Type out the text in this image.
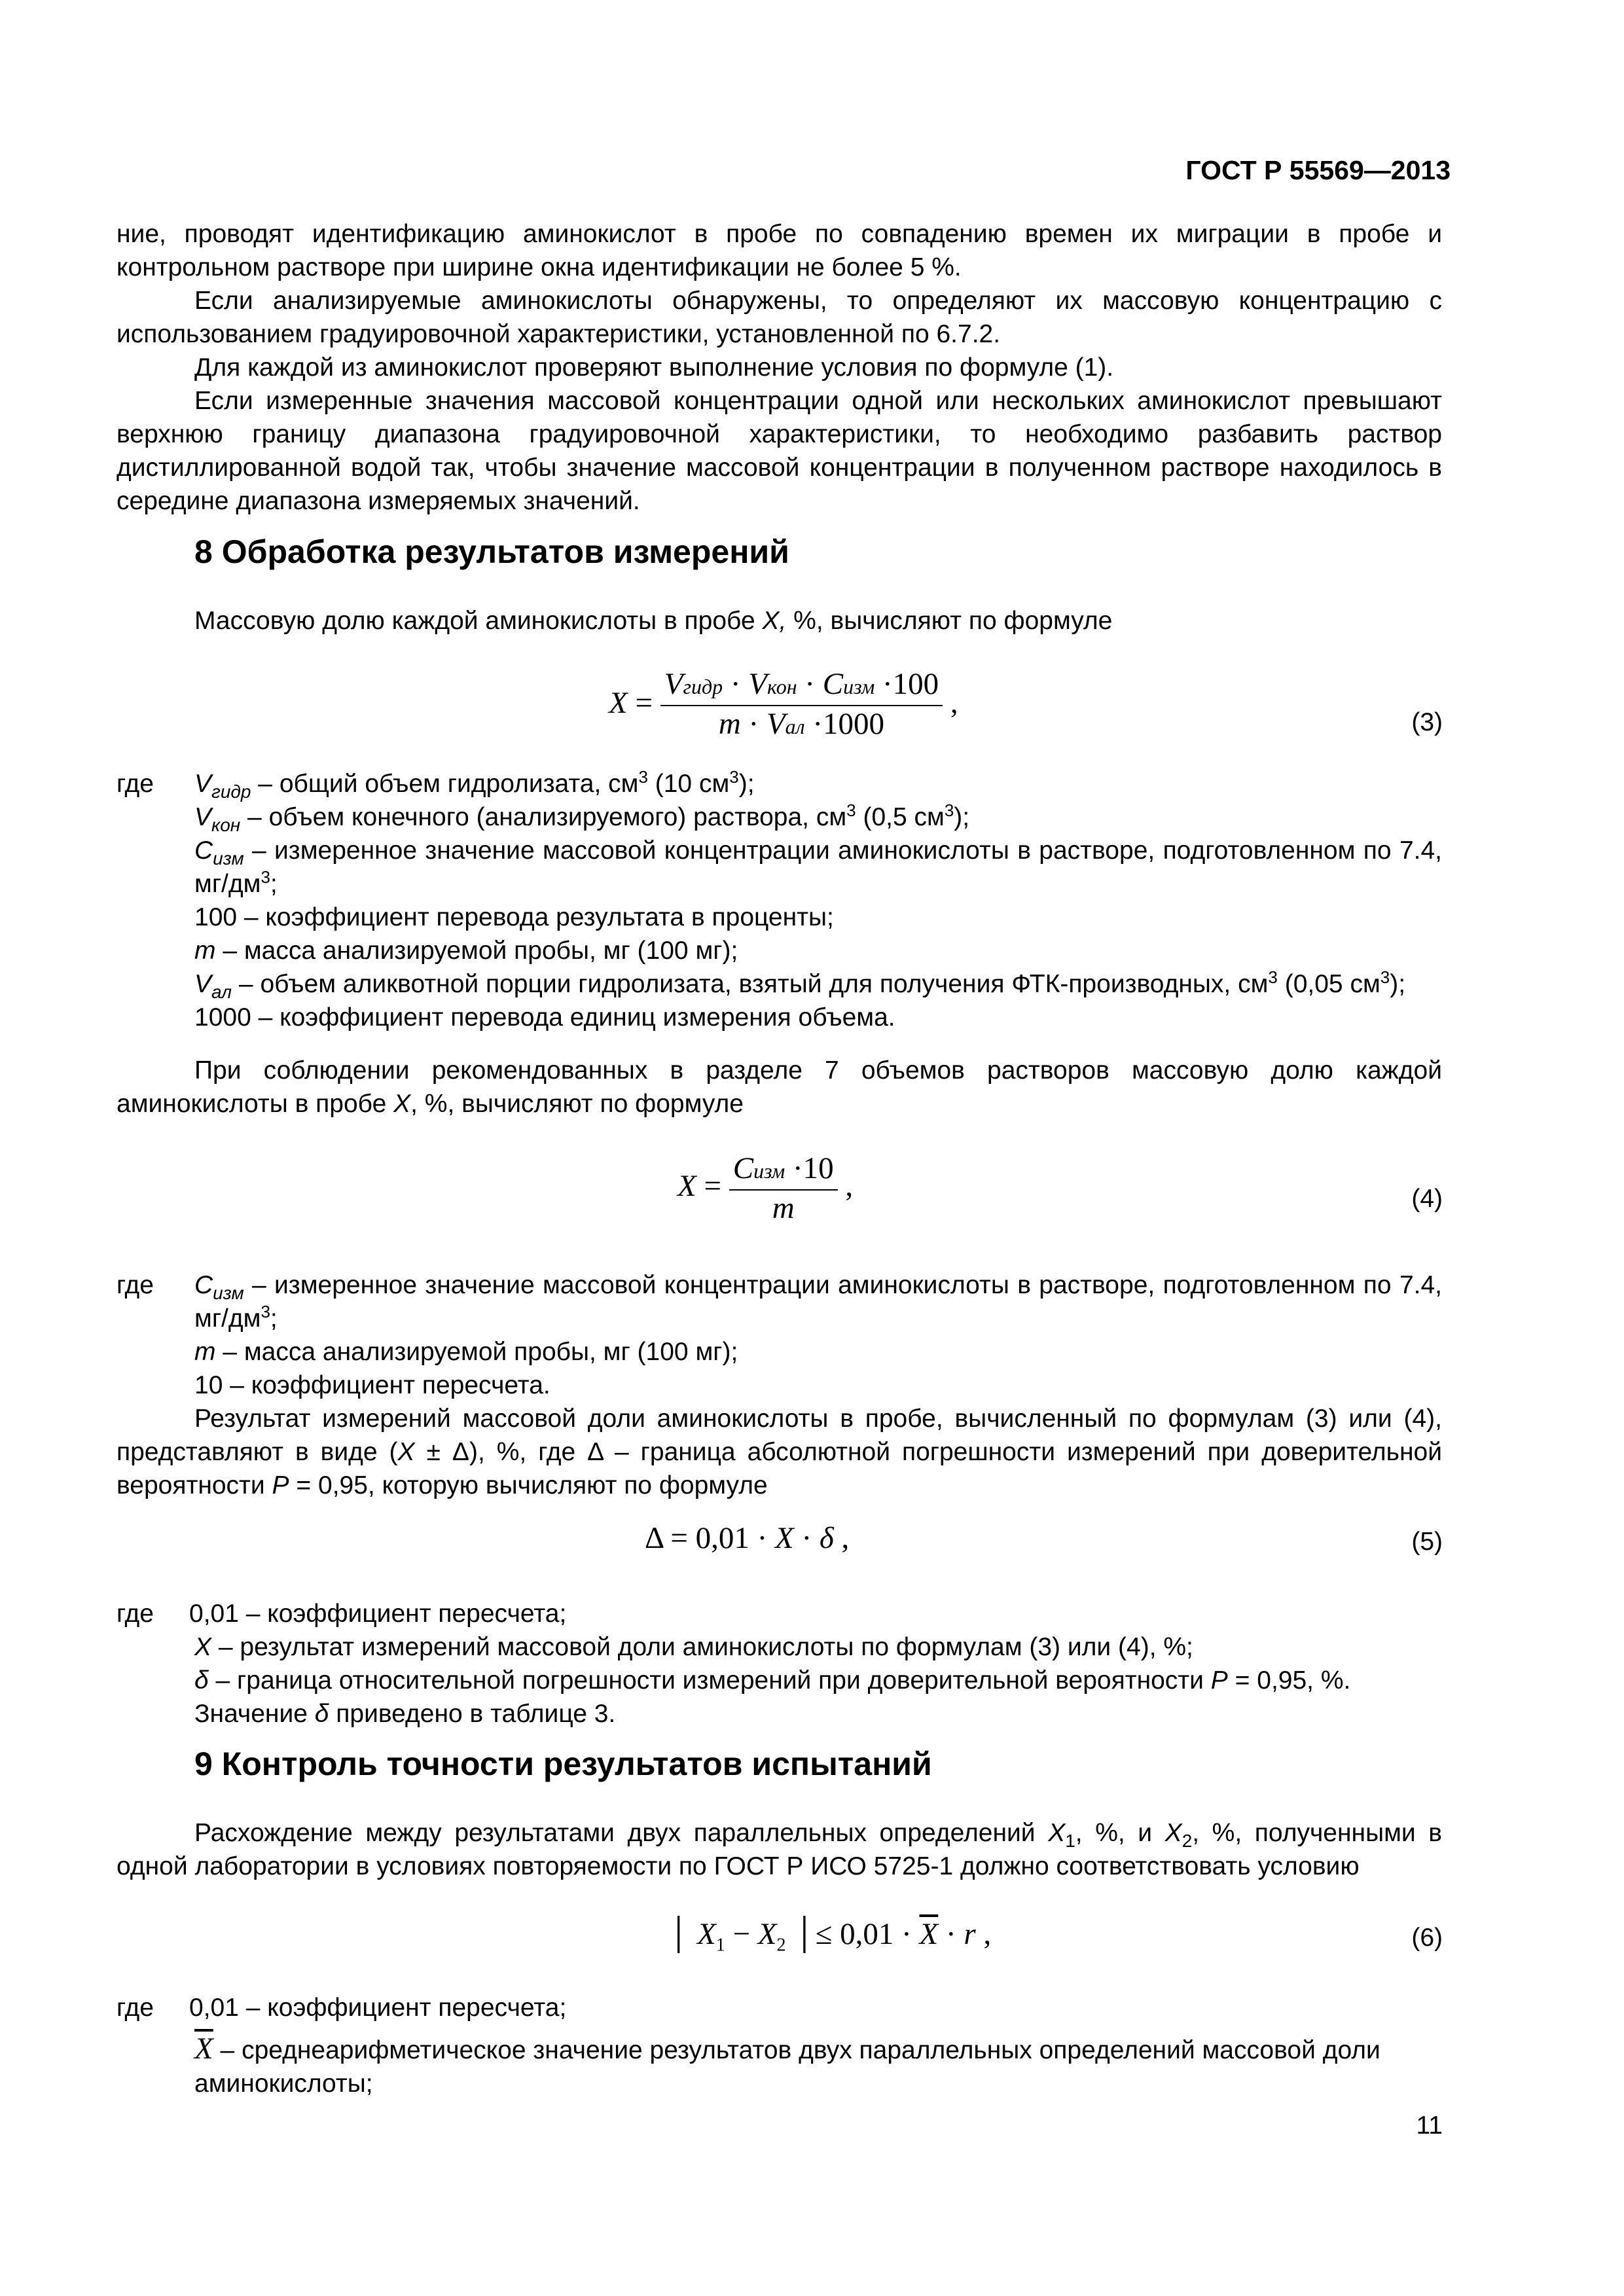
ГОСТ Р 55569—2013

ние, проводят идентификацию аминокислот в пробе по совпадению времен их миграции в пробе и контрольном растворе при ширине окна идентификации не более 5 %.

Если анализируемые аминокислоты обнаружены, то определяют их массовую концентрацию с использованием градуировочной характеристики, установленной по 6.7.2.

Для каждой из аминокислот проверяют выполнение условия по формуле (1).

Если измеренные значения массовой концентрации одной или нескольких аминокислот превышают верхнюю границу диапазона градуировочной характеристики, то необходимо разбавить раствор дистиллированной водой так, чтобы значение массовой концентрации в полученном растворе находилось в середине диапазона измеряемых значений.

8 Обработка результатов измерений

Массовую долю каждой аминокислоты в пробе X, %, вычисляют по формуле

$X = \frac{\text{Vгидр · Vкон · Cизм ·100}}{\text{m · Vал ·1000}}$ ,
(3)
где $V_{гидр}$ – общий объем гидролизата, $см^3$ (10 $см^3$);

$V_{кон}$ – объем конечного (анализируемого) раствора, $см^3$ (0,5 $см^3$);

$C_{изм}$ – измеренное значение массовой концентрации аминокислоты в растворе, подготовленном по 7.4, $мг/дм^3$;

100 – коэффициент перевода результата в проценты;

m – масса анализируемой пробы, мг (100 мг);

$V_{ал}$ – объем аликвотной порции гидролизата, взятый для получения ФТК-производных, $см^3$ (0,05 $см^3$);

1000 – коэффициент перевода единиц измерения объема.

При соблюдении рекомендованных в разделе 7 объемов растворов массовую долю каждой аминокислоты в пробе X, %, вычисляют по формуле

$X = \frac{\text{Cизм ·10}}{m}$ ,	(4)
где $C_{изм}$ – измеренное значение массовой концентрации аминокислоты в растворе, подготовленном по 7.4, $мг/дм^3$;

m – масса анализируемой пробы, мг (100 мг);

10 – коэффициент пересчета.

Результат измерений массовой доли аминокислоты в пробе, вычисленный по формулам (3) или (4), представляют в виде (X ± Δ), %, где Δ – граница абсолютной погрешности измерений при доверительной вероятности P = 0,95, которую вычисляют по формуле

Δ = 0,01 · X · δ ,	(5)
где 0,01 – коэффициент пересчета;

X – результат измерений массовой доли аминокислоты по формулам (3) или (4), %;

δ – граница относительной погрешности измерений при доверительной вероятности P = 0,95, %. Значение δ приведено в таблице 3.

9 Контроль точности результатов испытаний

Расхождение между результатами двух параллельных определений $X_1$, %, и $X_2$, %, полученными в одной лаборатории в условиях повторяемости по ГОСТ Р ИСО 5725-1 должно соответствовать условию

│ $X_1 - X_2$ │≤ $0,01 \cdot \overline{X} \cdot r$ ,	(6)
где 0,01 – коэффициент пересчета;

$\overline{X}$ – среднеарифметическое значение результатов двух параллельных определений массовой доли аминокислоты;

11
